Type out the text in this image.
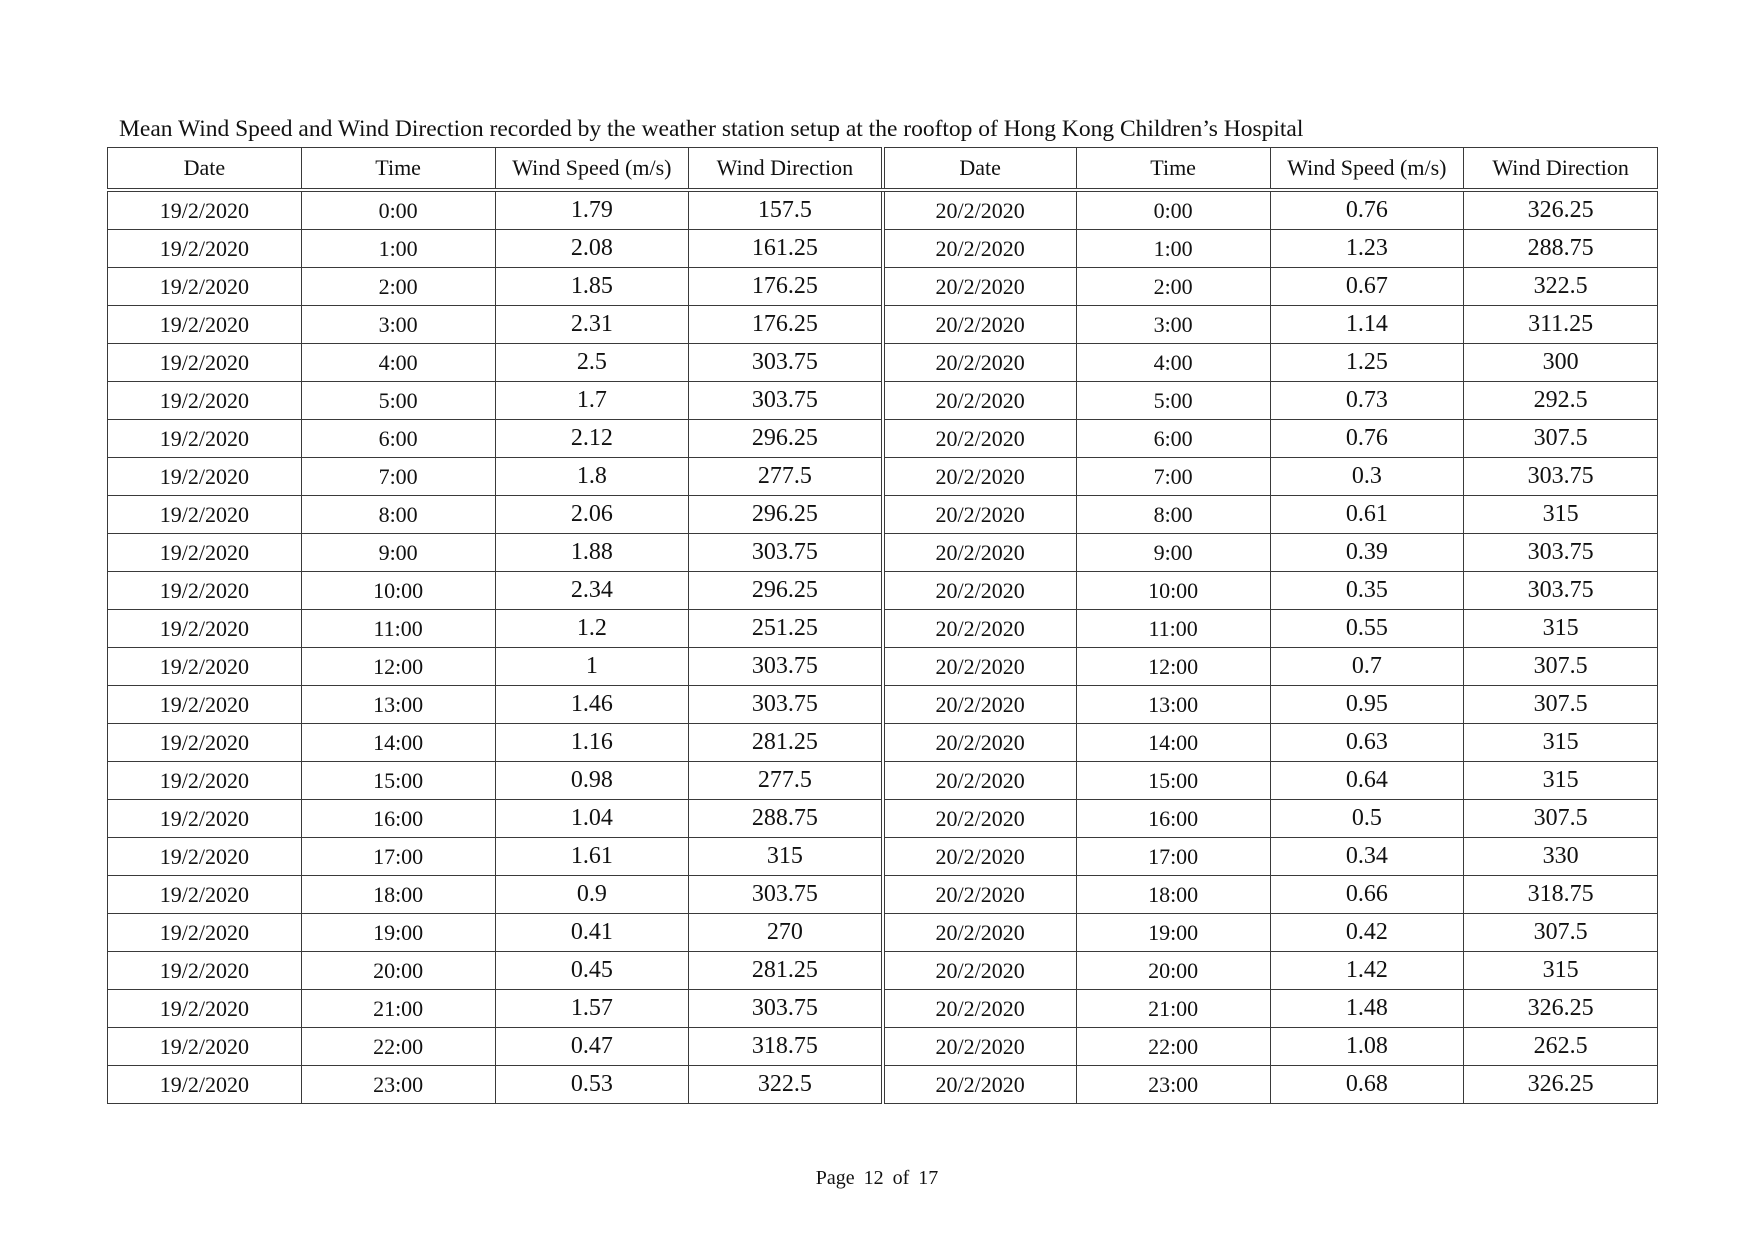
Mean Wind Speed and Wind Direction recorded by the weather station setup at the rooftop of Hong Kong Children’s Hospital
Date	Time	Wind Speed (m/s)	Wind Direction	Date	Time	Wind Speed (m/s)	Wind Direction
19/2/2020	0:00	1.79	157.5	20/2/2020	0:00	0.76	326.25
19/2/2020	1:00	2.08	161.25	20/2/2020	1:00	1.23	288.75
19/2/2020	2:00	1.85	176.25	20/2/2020	2:00	0.67	322.5
19/2/2020	3:00	2.31	176.25	20/2/2020	3:00	1.14	311.25
19/2/2020	4:00	2.5	303.75	20/2/2020	4:00	1.25	300
19/2/2020	5:00	1.7	303.75	20/2/2020	5:00	0.73	292.5
19/2/2020	6:00	2.12	296.25	20/2/2020	6:00	0.76	307.5
19/2/2020	7:00	1.8	277.5	20/2/2020	7:00	0.3	303.75
19/2/2020	8:00	2.06	296.25	20/2/2020	8:00	0.61	315
19/2/2020	9:00	1.88	303.75	20/2/2020	9:00	0.39	303.75
19/2/2020	10:00	2.34	296.25	20/2/2020	10:00	0.35	303.75
19/2/2020	11:00	1.2	251.25	20/2/2020	11:00	0.55	315
19/2/2020	12:00	1	303.75	20/2/2020	12:00	0.7	307.5
19/2/2020	13:00	1.46	303.75	20/2/2020	13:00	0.95	307.5
19/2/2020	14:00	1.16	281.25	20/2/2020	14:00	0.63	315
19/2/2020	15:00	0.98	277.5	20/2/2020	15:00	0.64	315
19/2/2020	16:00	1.04	288.75	20/2/2020	16:00	0.5	307.5
19/2/2020	17:00	1.61	315	20/2/2020	17:00	0.34	330
19/2/2020	18:00	0.9	303.75	20/2/2020	18:00	0.66	318.75
19/2/2020	19:00	0.41	270	20/2/2020	19:00	0.42	307.5
19/2/2020	20:00	0.45	281.25	20/2/2020	20:00	1.42	315
19/2/2020	21:00	1.57	303.75	20/2/2020	21:00	1.48	326.25
19/2/2020	22:00	0.47	318.75	20/2/2020	22:00	1.08	262.5
19/2/2020	23:00	0.53	322.5	20/2/2020	23:00	0.68	326.25
Page 12 of 17
